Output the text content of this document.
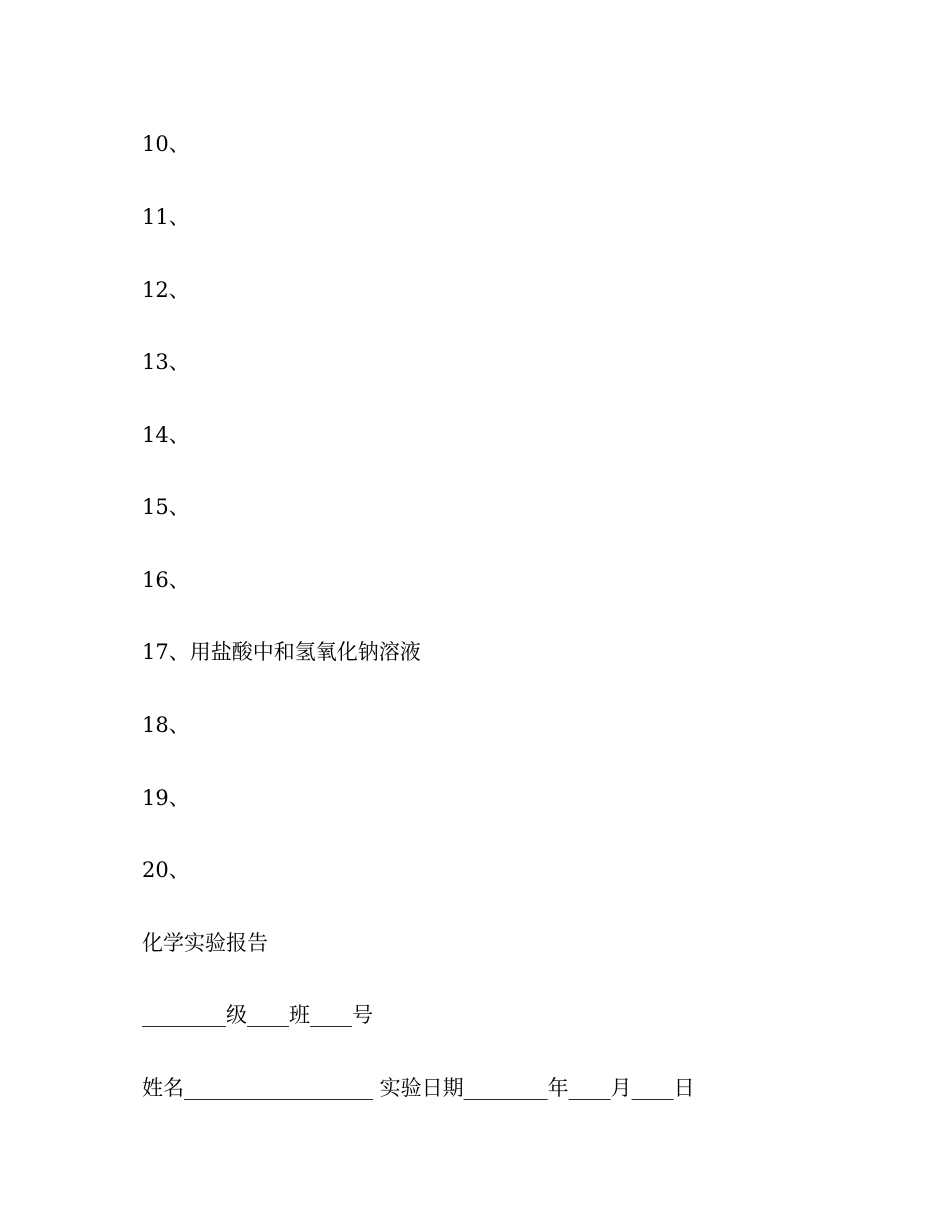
10、
11、
12、
13、
14、
15、
16、
17、用盐酸中和氢氧化钠溶液
18、
19、
20、
化学实验报告
________级____班____号
姓名__________________ 实验日期________年____月____日
